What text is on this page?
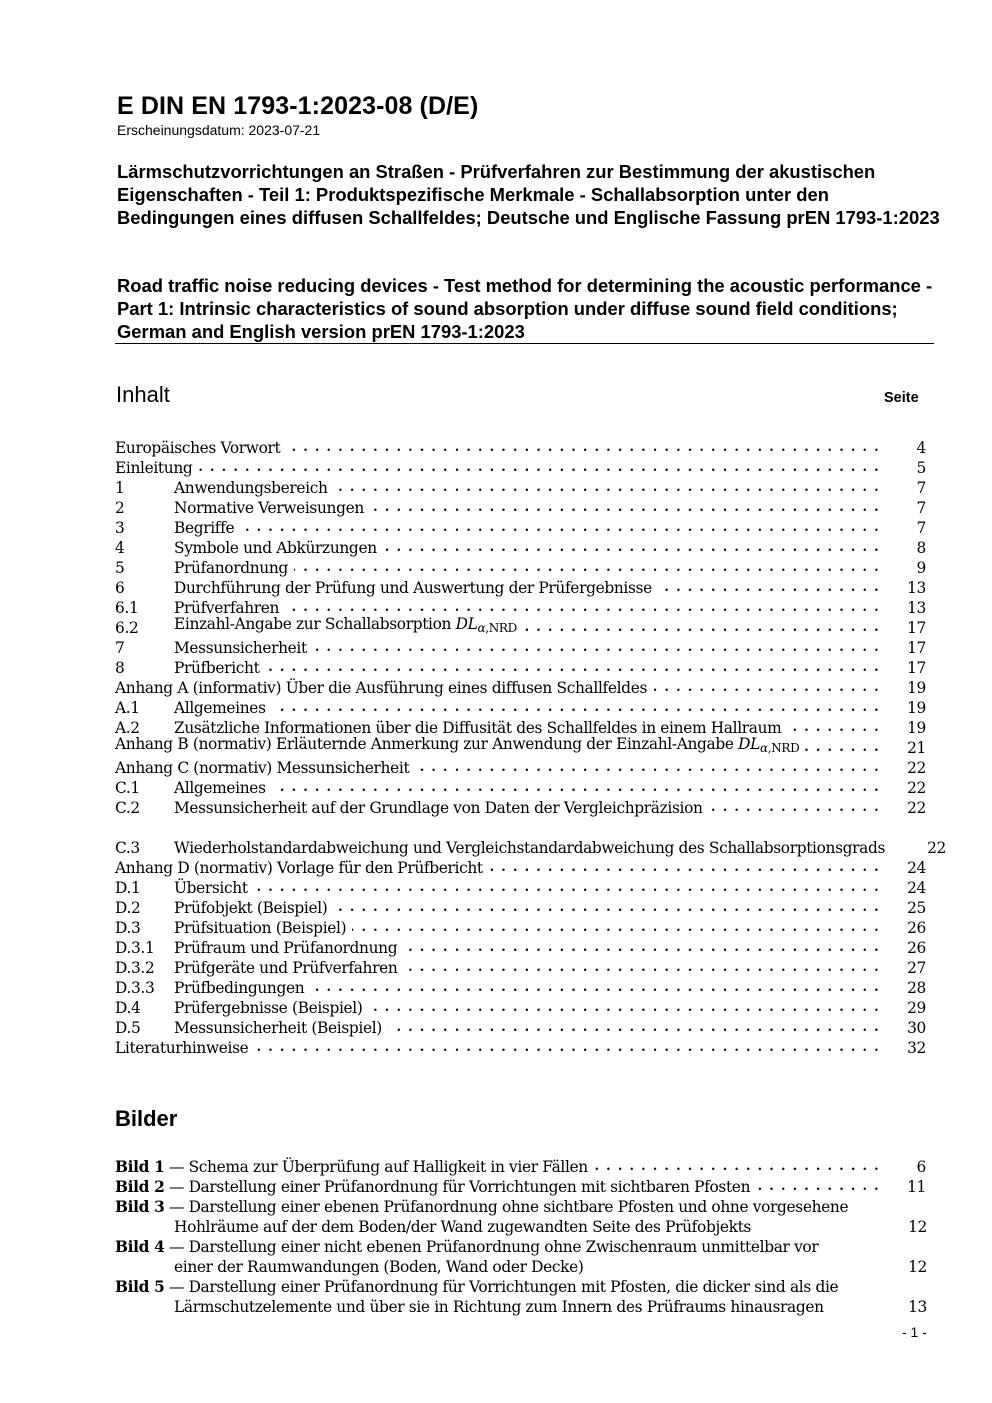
E DIN EN 1793-1:2023-08 (D/E)
Erscheinungsdatum: 2023-07-21

Lärmschutzvorrichtungen an Straßen - Prüfverfahren zur Bestimmung der akustischen Eigenschaften - Teil 1: Produktspezifische Merkmale - Schallabsorption unter den Bedingungen eines diffusen Schallfeldes; Deutsche und Englische Fassung prEN 1793-1:2023

Road traffic noise reducing devices - Test method for determining the acoustic performance - Part 1: Intrinsic characteristics of sound absorption under diffuse sound field conditions; German and English version prEN 1793-1:2023

Inhalt	Seite
Europäisches Vorwort . . .	4
Einleitung . . .	5
1	Anwendungsbereich . . .	7
2	Normative Verweisungen . . .	7
3	Begriffe . . .	7
4	Symbole und Abkürzungen . . .	8
5	Prüfanordnung . . .	9
6	Durchführung der Prüfung und Auswertung der Prüfergebnisse . . .	13
6.1	Prüfverfahren . . .	13
6.2	Einzahl-Angabe zur Schallabsorption $DL_{\alpha,NRD}$ . . .	17
7	Messunsicherheit . . .	17
8	Prüfbericht . . .	17
Anhang A (informativ) Über die Ausführung eines diffusen Schallfeldes . . .	19
A.1	Allgemeines . . .	19
A.2	Zusätzliche Informationen über die Diffusität des Schallfeldes in einem Hallraum . . .	19
Anhang B (normativ) Erläuternde Anmerkung zur Anwendung der Einzahl-Angabe $DL_{\alpha,NRD}$ . . .	21
Anhang C (normativ) Messunsicherheit . . .	22
C.1	Allgemeines . . .	22
C.2	Messunsicherheit auf der Grundlage von Daten der Vergleichpräzision . . .	22
C.3	Wiederholstandardabweichung und Vergleichstandardabweichung des Schallabsorptionsgrads	22
Anhang D (normativ) Vorlage für den Prüfbericht . . .	24
D.1	Übersicht . . .	24
D.2	Prüfobjekt (Beispiel) . . .	25
D.3	Prüfsituation (Beispiel) . . .	26
D.3.1	Prüfraum und Prüfanordnung . . .	26
D.3.2	Prüfgeräte und Prüfverfahren . . .	27
D.3.3	Prüfbedingungen . . .	28
D.4	Prüfergebnisse (Beispiel) . . .	29
D.5	Messunsicherheit (Beispiel) . . .	30
Literaturhinweise . . .	32
Bilder
Bild 1 — Schema zur Überprüfung auf Halligkeit in vier Fällen . . .	6
Bild 2 — Darstellung einer Prüfanordnung für Vorrichtungen mit sichtbaren Pfosten . . .	11
Bild 3 — Darstellung einer ebenen Prüfanordnung ohne sichtbare Pfosten und ohne vorgesehene
Hohlräume auf der dem Boden/der Wand zugewandten Seite des Prüfobjekts	12
Bild 4 — Darstellung einer nicht ebenen Prüfanordnung ohne Zwischenraum unmittelbar vor
einer der Raumwandungen (Boden, Wand oder Decke)	12
Bild 5 — Darstellung einer Prüfanordnung für Vorrichtungen mit Pfosten, die dicker sind als die
Lärmschutzelemente und über sie in Richtung zum Innern des Prüfraums hinausragen	13
- 1 -
